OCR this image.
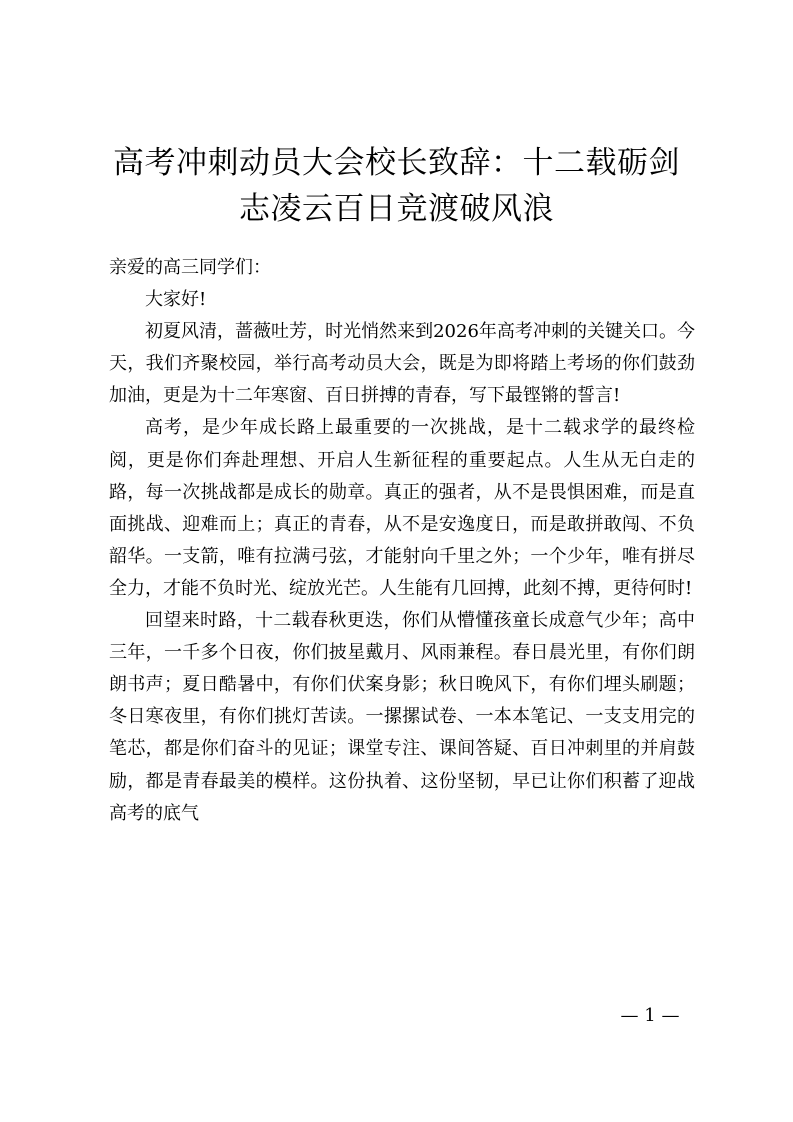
高考冲刺动员大会校长致辞：十二载砺剑
志凌云百日竞渡破风浪

亲爱的高三同学们：

大家好!

初夏风清，蔷薇吐芳，时光悄然来到2026年高考冲刺的关键关口。今天，我们齐聚校园，举行高考动员大会，既是为即将踏上考场的你们鼓劲加油，更是为十二年寒窗、百日拼搏的青春，写下最铿锵的誓言!

高考，是少年成长路上最重要的一次挑战，是十二载求学的最终检阅，更是你们奔赴理想、开启人生新征程的重要起点。人生从无白走的路，每一次挑战都是成长的勋章。真正的强者，从不是畏惧困难，而是直面挑战、迎难而上；真正的青春，从不是安逸度日，而是敢拼敢闯、不负韶华。一支箭，唯有拉满弓弦，才能射向千里之外；一个少年，唯有拼尽全力，才能不负时光、绽放光芒。人生能有几回搏，此刻不搏，更待何时!

回望来时路，十二载春秋更迭，你们从懵懂孩童长成意气少年；高中三年，一千多个日夜，你们披星戴月、风雨兼程。春日晨光里，有你们朗朗书声；夏日酷暑中，有你们伏案身影；秋日晚风下，有你们埋头刷题；冬日寒夜里，有你们挑灯苦读。一摞摞试卷、一本本笔记、一支支用完的笔芯，都是你们奋斗的见证；课堂专注、课间答疑、百日冲刺里的并肩鼓励，都是青春最美的模样。这份执着、这份坚韧，早已让你们积蓄了迎战高考的底气

— 1 —
